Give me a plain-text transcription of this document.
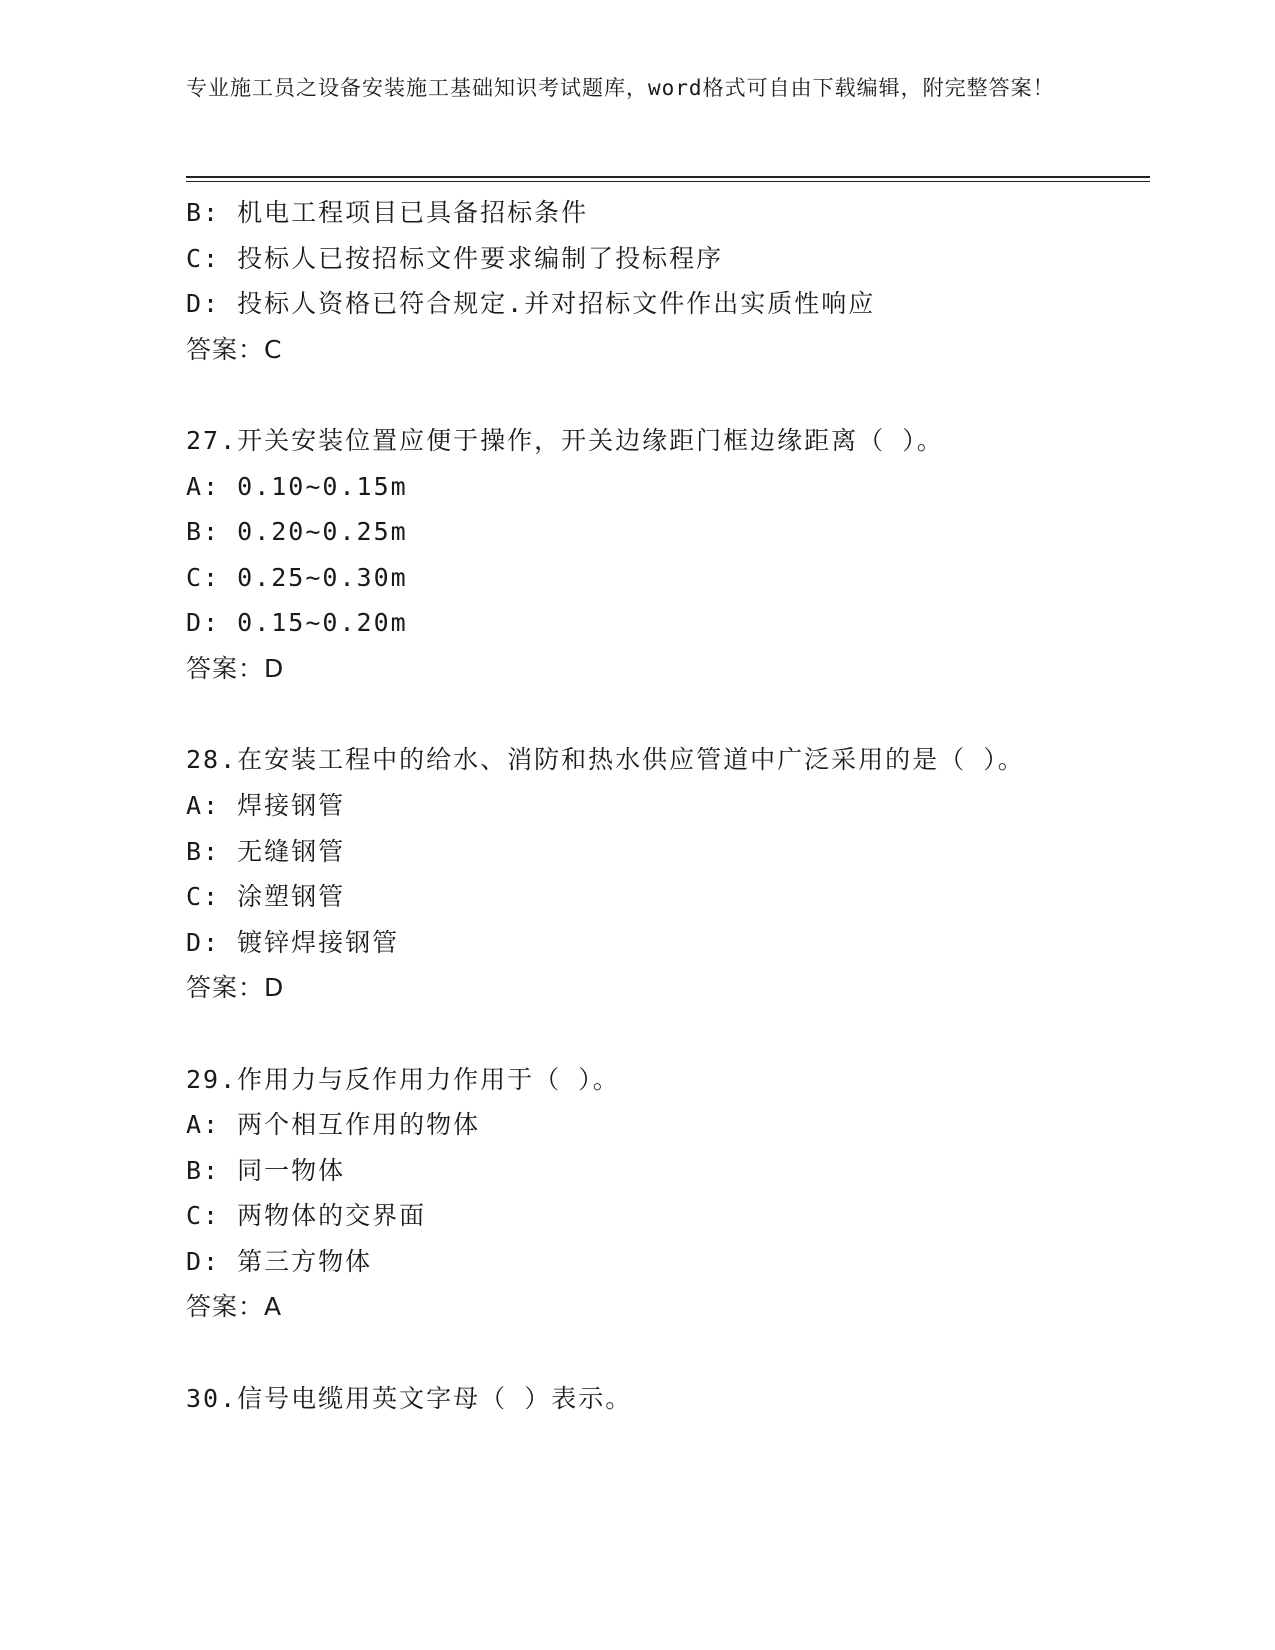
专业施工员之设备安装施工基础知识考试题库，word格式可自由下载编辑，附完整答案！
B: 机电工程项目已具备招标条件
C: 投标人已按招标文件要求编制了投标程序
D: 投标人资格已符合规定.并对招标文件作出实质性响应
答案：C
27.开关安装位置应便于操作，开关边缘距门框边缘距离（ ）。
A: 0.10~0.15m
B: 0.20~0.25m
C: 0.25~0.30m
D: 0.15~0.20m
答案：D
28.在安装工程中的给水、消防和热水供应管道中广泛采用的是（ ）。
A: 焊接钢管
B: 无缝钢管
C: 涂塑钢管
D: 镀锌焊接钢管
答案：D
29.作用力与反作用力作用于（ ）。
A: 两个相互作用的物体
B: 同一物体
C: 两物体的交界面
D: 第三方物体
答案：A
30.信号电缆用英文字母（ ）表示。
